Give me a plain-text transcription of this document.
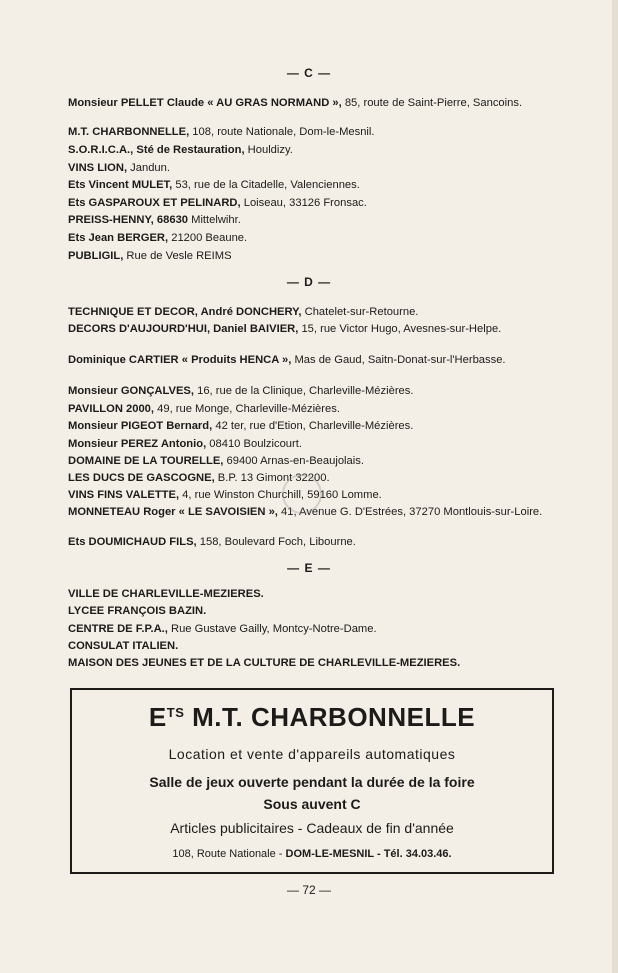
— C —
Monsieur PELLET Claude « AU GRAS NORMAND », 85, route de Saint-Pierre, Sancoins.
M.T. CHARBONNELLE, 108, route Nationale, Dom-le-Mesnil.
S.O.R.I.C.A., Sté de Restauration, Houldizy.
VINS LION, Jandun.
Ets Vincent MULET, 53, rue de la Citadelle, Valenciennes.
Ets GASPAROUX ET PELINARD, Loiseau, 33126 Fronsac.
PREISS-HENNY, 68630 Mittelwihr.
Ets Jean BERGER, 21200 Beaune.
PUBLIGIL, Rue de Vesle REIMS
— D —
TECHNIQUE ET DECOR, André DONCHERY, Chatelet-sur-Retourne.
DECORS D'AUJOURD'HUI, Daniel BAIVIER, 15, rue Victor Hugo, Avesnes-sur-Helpe.
Dominique CARTIER « Produits HENCA », Mas de Gaud, Saitn-Donat-sur-l'Herbasse.
Monsieur GONÇALVES, 16, rue de la Clinique, Charleville-Mézières.
PAVILLON 2000, 49, rue Monge, Charleville-Mézières.
Monsieur PIGEOT Bernard, 42 ter, rue d'Etion, Charleville-Mézières.
Monsieur PEREZ Antonio, 08410 Boulzicourt.
DOMAINE DE LA TOURELLE, 69400 Arnas-en-Beaujolais.
LES DUCS DE GASCOGNE, B.P. 13 Gimont 32200.
VINS FINS VALETTE, 4, rue Winston Churchill, 59160 Lomme.
MONNETEAU Roger « LE SAVOISIEN », 41, Avenue G. D'Estrées, 37270 Montlouis-sur-Loire.
Ets DOUMICHAUD FILS, 158, Boulevard Foch, Libourne.
— E —
VILLE DE CHARLEVILLE-MEZIERES.
LYCEE FRANÇOIS BAZIN.
CENTRE DE F.P.A., Rue Gustave Gailly, Montcy-Notre-Dame.
CONSULAT ITALIEN.
MAISON DES JEUNES ET DE LA CULTURE DE CHARLEVILLE-MEZIERES.
$E^{TS}$ M.T. CHARBONNELLE
Location et vente d'appareils automatiques
Salle de jeux ouverte pendant la durée de la foire
Sous auvent C
Articles publicitaires - Cadeaux de fin d'année
108, Route Nationale - DOM-LE-MESNIL - Tél. 34.03.46.
— 72 —
